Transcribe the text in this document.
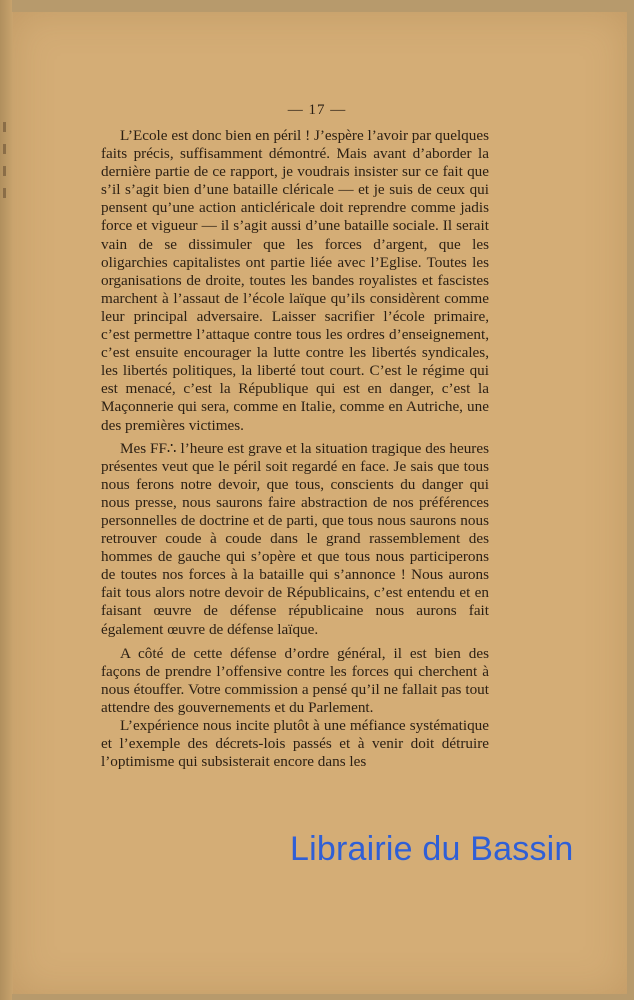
— 17 —

L’Ecole est donc bien en péril ! J’espère l’avoir par quelques faits précis, suffisamment démontré. Mais avant d’aborder la dernière partie de ce rapport, je voudrais insister sur ce fait que s’il s’agit bien d’une bataille cléricale — et je suis de ceux qui pensent qu’une action anticléricale doit reprendre comme jadis force et vigueur — il s’agit aussi d’une bataille sociale. Il serait vain de se dissimuler que les forces d’argent, que les oligarchies capitalistes ont partie liée avec l’Eglise. Toutes les organisations de droite, toutes les bandes royalistes et fascistes marchent à l’assaut de l’école laïque qu’ils considèrent comme leur principal adversaire. Laisser sacrifier l’école primaire, c’est permettre l’attaque contre tous les ordres d’enseignement, c’est ensuite encourager la lutte contre les libertés syndicales, les libertés politiques, la liberté tout court. C’est le régime qui est menacé, c’est la République qui est en danger, c’est la Maçonnerie qui sera, comme en Italie, comme en Autriche, une des premières victimes.

Mes FF∴ l’heure est grave et la situation tragique des heures présentes veut que le péril soit regardé en face. Je sais que tous nous ferons notre devoir, que tous, conscients du danger qui nous presse, nous saurons faire abstraction de nos préférences personnelles de doctrine et de parti, que tous nous saurons nous retrouver coude à coude dans le grand rassemblement des hommes de gauche qui s’opère et que tous nous participerons de toutes nos forces à la bataille qui s’annonce ! Nous aurons fait tous alors notre devoir de Républicains, c’est entendu et en faisant œuvre de défense républicaine nous aurons fait également œuvre de défense laïque.

A côté de cette défense d’ordre général, il est bien des façons de prendre l’offensive contre les forces qui cherchent à nous étouffer. Votre commission a pensé qu’il ne fallait pas tout attendre des gouvernements et du Parlement.

L’expérience nous incite plutôt à une méfiance systématique et l’exemple des décrets-lois passés et à venir doit détruire l’optimisme qui subsisterait encore dans les

Librairie du Bassin
